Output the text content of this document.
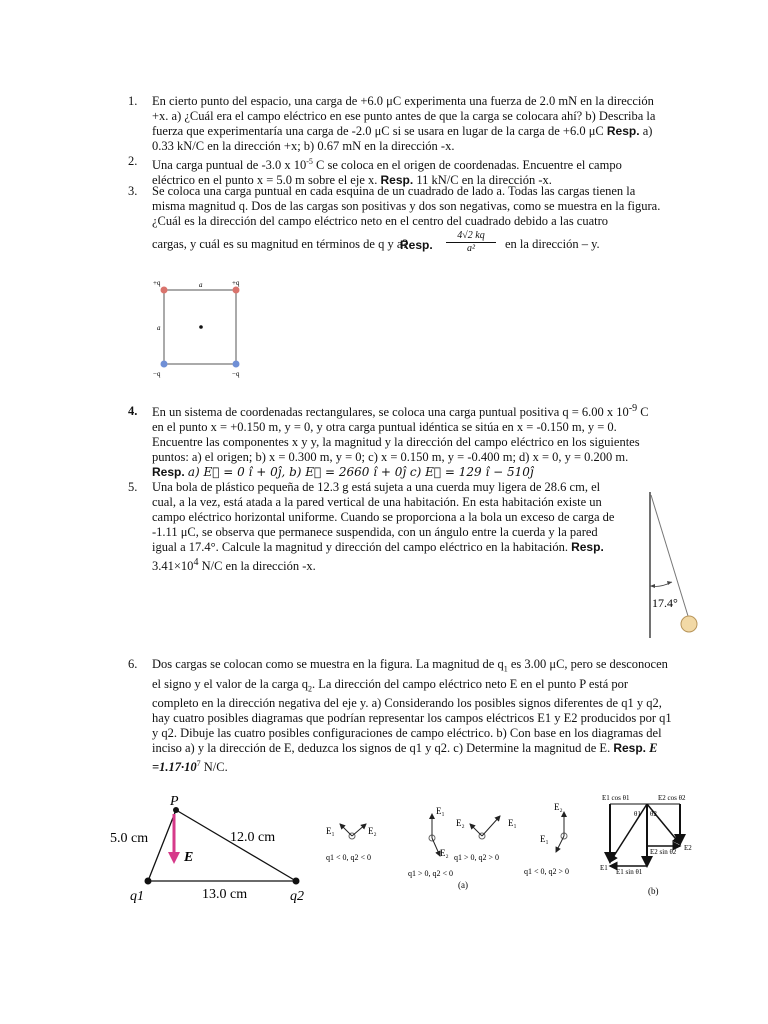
1. En cierto punto del espacio, una carga de +6.0 μC experimenta una fuerza de 2.0 mN en la dirección +x. a) ¿Cuál era el campo eléctrico en ese punto antes de que la carga se colocara ahí? b) Describa la fuerza que experimentaría una carga de -2.0 μC si se usara en lugar de la carga de +6.0 μC Resp. a) 0.33 kN/C en la dirección +x; b) 0.67 mN en la dirección -x.
2. Una carga puntual de -3.0 x $10^{-5}$ C se coloca en el origen de coordenadas. Encuentre el campo eléctrico en el punto x = 5.0 m sobre el eje x. Resp. 11 kN/C en la dirección -x.
3. Se coloca una carga puntual en cada esquina de un cuadrado de lado a. Todas las cargas tienen la misma magnitud q. Dos de las cargas son positivas y dos son negativas, como se muestra en la figura. ¿Cuál es la dirección del campo eléctrico neto en el centro del cuadrado debido a las cuatro
cargas, y cuál es su magnitud en términos de q y a?
Resp. $\frac{4√2 kq}{\text{a²}}$ en la dirección – y.
+q	+q
a
a
−q	−q
4. En un sistema de coordenadas rectangulares, se coloca una carga puntual positiva q = 6.00 x $10^{-9}$ C en el punto x = +0.150 m, y = 0, y otra carga puntual idéntica se sitúa en x = -0.150 m, y = 0. Encuentre las componentes x y y, la magnitud y la dirección del campo eléctrico en los siguientes puntos: a) el origen; b) x = 0.300 m, y = 0; c) x = 0.150 m, y = -0.400 m; d) x = 0, y = 0.200 m.
Resp. a) E⃗ = 0 î + 0ĵ, b) E⃗ = 2660 î + 0ĵ c) E⃗ = 129 î − 510ĵ
5. Una bola de plástico pequeña de 12.3 g está sujeta a una cuerda muy ligera de 28.6 cm, el cual, a la vez, está atada a la pared vertical de una habitación. En esta habitación existe un campo eléctrico horizontal uniforme. Cuando se proporciona a la bola un exceso de carga de -1.11 μC, se observa que permanece suspendida, con un ángulo entre la cuerda y la pared igual a 17.4°. Calcule la magnitud y dirección del campo eléctrico en la habitación. Resp.
$3.41\times 10^4$ N/C en la dirección -x.
17.4°
6. Dos cargas se colocan como se muestra en la figura. La magnitud de $q_1$ es 3.00 μC, pero se desconocen el signo y el valor de la carga $q_2$. La dirección del campo eléctrico neto E en el punto P está por completo en la dirección negativa del eje y. a) Considerando los posibles signos diferentes de q1 y q2, hay cuatro posibles diagramas que podrían representar los campos eléctricos E1 y E2 producidos por q1 y q2. Dibuje las cuatro posibles configuraciones de campo eléctrico. b) Con base en los diagramas del inciso a) y la dirección de E, deduzca los signos de q1 y q2. c) Determine la magnitud de E. Resp. $E =1.17\cdot 10^7$ N/C.
P
5.0 cm	12.0 cm
E
13.0 cm
q1	q2
E₁	E₂
q1 < 0, q2 < 0
E₁
E₂
q1 > 0, q2 < 0
E₂	E₁
q1 > 0, q2 > 0
E₂
E₁
q1 < 0, q2 > 0
(a)
E1 cos θ1	E2 cos θ2
θ1 θ2
E2 sin θ2 E2
E1 E1 sin θ1
(b)
